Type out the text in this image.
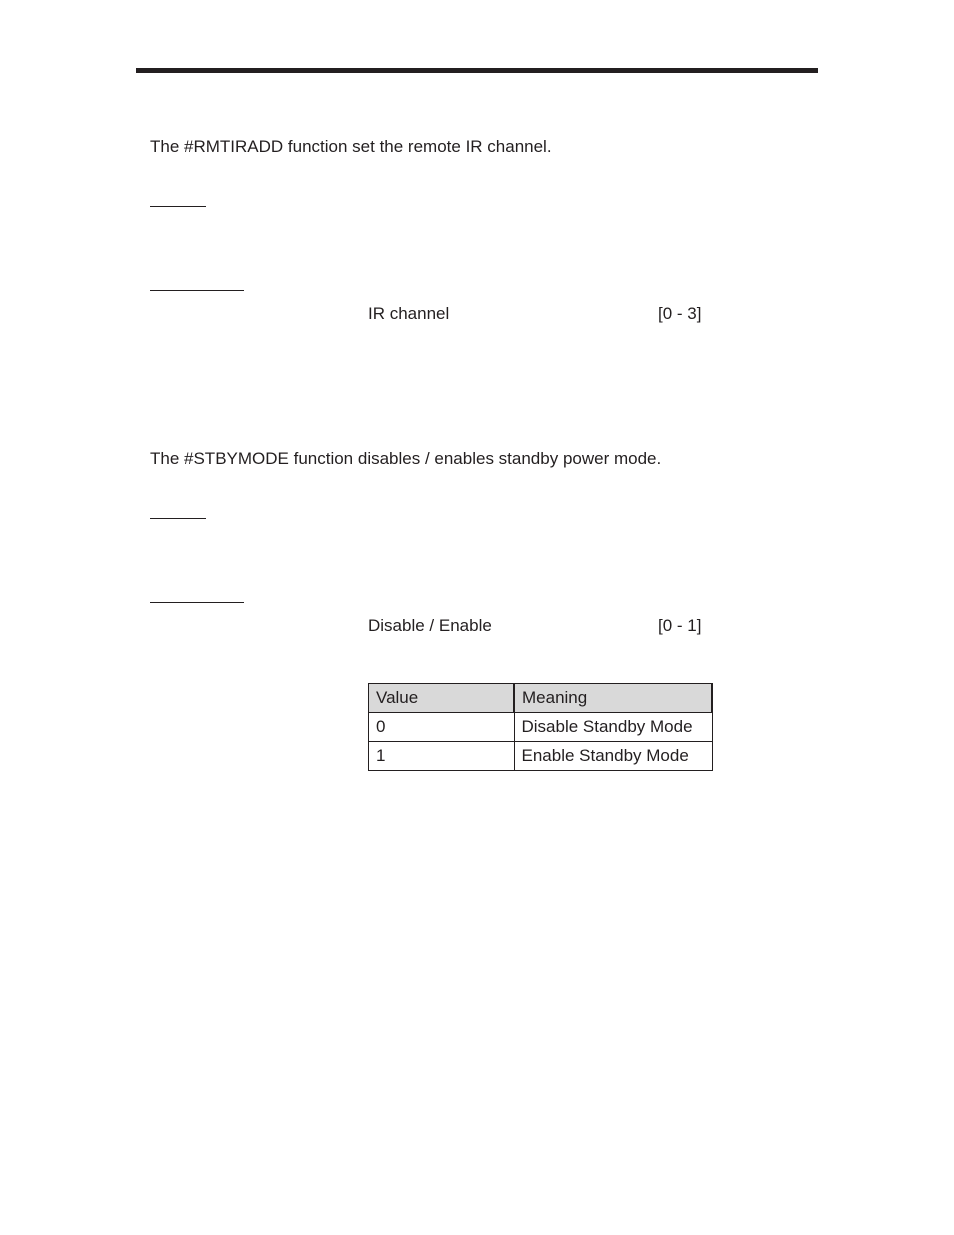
The #RMTIRADD function set the remote IR channel.
IR channel	[0 - 3]
The #STBYMODE function disables / enables standby power mode.
Disable / Enable	[0 - 1]
Value	Meaning
0	Disable Standby Mode
1	Enable Standby Mode
